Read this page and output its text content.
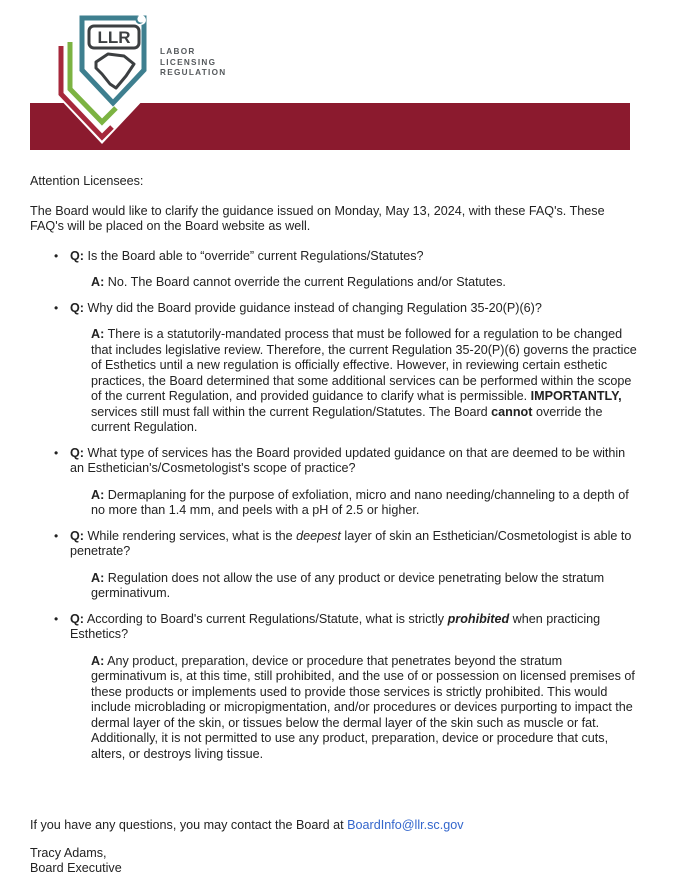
LLR
LABOR
LICENSING
REGULATION

Attention Licensees:

The Board would like to clarify the guidance issued on Monday, May 13, 2024, with these FAQ's. These FAQ's will be placed on the Board website as well.

• Q: Is the Board able to “override” current Regulations/Statutes?
A: No. The Board cannot override the current Regulations and/or Statutes.
• Q: Why did the Board provide guidance instead of changing Regulation 35-20(P)(6)?
A: There is a statutorily-mandated process that must be followed for a regulation to be changed that includes legislative review. Therefore, the current Regulation 35-20(P)(6) governs the practice of Esthetics until a new regulation is officially effective. However, in reviewing certain esthetic practices, the Board determined that some additional services can be performed within the scope of the current Regulation, and provided guidance to clarify what is permissible. IMPORTANTLY, services still must fall within the current Regulation/Statutes. The Board cannot override the current Regulation.
• Q: What type of services has the Board provided updated guidance on that are deemed to be within an Esthetician's/Cosmetologist's scope of practice?
A: Dermaplaning for the purpose of exfoliation, micro and nano needing/channeling to a depth of no more than 1.4 mm, and peels with a pH of 2.5 or higher.
• Q: While rendering services, what is the deepest layer of skin an Esthetician/Cosmetologist is able to penetrate?
A: Regulation does not allow the use of any product or device penetrating below the stratum germinativum.
• Q: According to Board's current Regulations/Statute, what is strictly prohibited when practicing Esthetics?
A: Any product, preparation, device or procedure that penetrates beyond the stratum germinativum is, at this time, still prohibited, and the use of or possession on licensed premises of these products or implements used to provide those services is strictly prohibited. This would include microblading or micropigmentation, and/or procedures or devices purporting to impact the dermal layer of the skin, or tissues below the dermal layer of the skin such as muscle or fat. Additionally, it is not permitted to use any product, preparation, device or procedure that cuts, alters, or destroys living tissue.

If you have any questions, you may contact the Board at BoardInfo@llr.sc.gov

Tracy Adams,

Board Executive
